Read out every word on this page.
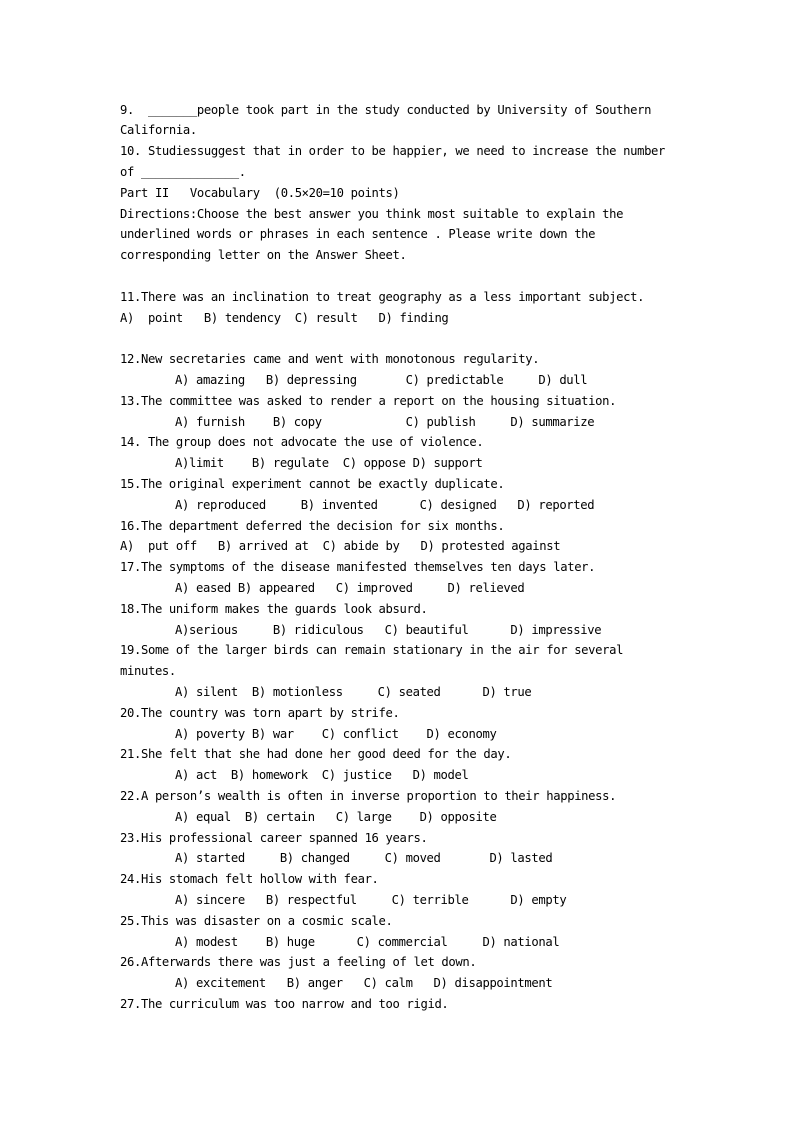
9.  _______people took part in the study conducted by University of Southern
California.
10. Studiessuggest that in order to be happier, we need to increase the number
of ______________.
Part II   Vocabulary  (0.5×20=10 points)
Directions:Choose the best answer you think most suitable to explain the
underlined words or phrases in each sentence . Please write down the
corresponding letter on the Answer Sheet.
11.There was an inclination to treat geography as a less important subject.
A)  point   B) tendency  C) result   D) finding
12.New secretaries came and went with monotonous regularity.
A) amazing   B) depressing       C) predictable     D) dull
13.The committee was asked to render a report on the housing situation.
A) furnish    B) copy            C) publish     D) summarize
14. The group does not advocate the use of violence.
A)limit    B) regulate  C) oppose D) support
15.The original experiment cannot be exactly duplicate.
A) reproduced     B) invented      C) designed   D) reported
16.The department deferred the decision for six months.
A)  put off   B) arrived at  C) abide by   D) protested against
17.The symptoms of the disease manifested themselves ten days later.
A) eased B) appeared   C) improved     D) relieved
18.The uniform makes the guards look absurd.
A)serious     B) ridiculous   C) beautiful      D) impressive
19.Some of the larger birds can remain stationary in the air for several
minutes.
A) silent  B) motionless     C) seated      D) true
20.The country was torn apart by strife.
A) poverty B) war    C) conflict    D) economy
21.She felt that she had done her good deed for the day.
A) act  B) homework  C) justice   D) model
22.A person’s wealth is often in inverse proportion to their happiness.
A) equal  B) certain   C) large    D) opposite
23.His professional career spanned 16 years.
A) started     B) changed     C) moved       D) lasted
24.His stomach felt hollow with fear.
A) sincere   B) respectful     C) terrible      D) empty
25.This was disaster on a cosmic scale.
A) modest    B) huge      C) commercial     D) national
26.Afterwards there was just a feeling of let down.
A) excitement   B) anger   C) calm   D) disappointment
27.The curriculum was too narrow and too rigid.
